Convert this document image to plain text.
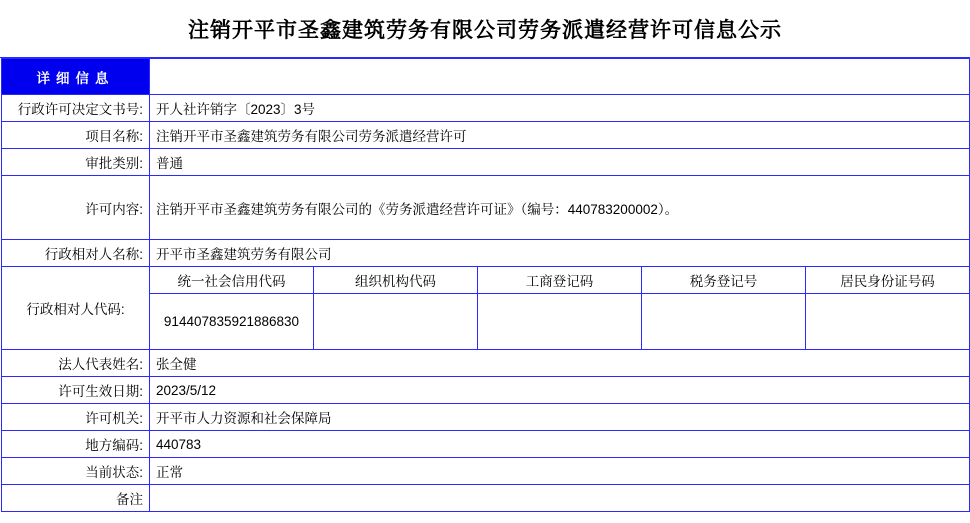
注销开平市圣鑫建筑劳务有限公司劳务派遣经营许可信息公示
详细信息					
行政许可决定文书号:	开人社许销字〔2023〕3号				
项目名称:	注销开平市圣鑫建筑劳务有限公司劳务派遣经营许可				
审批类别:	普通				
许可内容:	注销开平市圣鑫建筑劳务有限公司的《劳务派遣经营许可证》（编号：440783200002）。				
行政相对人名称:	开平市圣鑫建筑劳务有限公司				
行政相对人代码:	统一社会信用代码	组织机构代码	工商登记码	税务登记号	居民身份证号码
	914407835921886830				
法人代表姓名:	张全健				
许可生效日期:	2023/5/12				
许可机关:	开平市人力资源和社会保障局				
地方编码:	440783				
当前状态:	正常				
备注					
